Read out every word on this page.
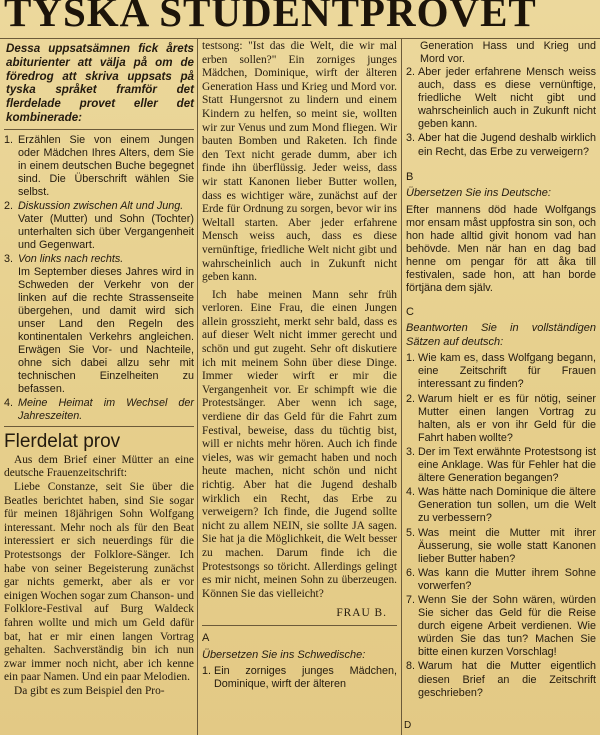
TYSKA STUDENTPROVET

Dessa uppsatsämnen fick årets abiturienter att välja på om de föredrog att skriva uppsats på tyska språket framför det flerdelade provet eller det kombinerade:

1. Erzählen Sie von einem Jungen oder Mädchen Ihres Alters, dem Sie in einem deutschen Buche begegnet sind. Die Überschrift wählen Sie selbst.
2. Diskussion zwischen Alt und Jung.
Vater (Mutter) und Sohn (Tochter) unterhalten sich über Vergangenheit und Gegenwart.
3. Von links nach rechts.
Im September dieses Jahres wird in Schweden der Verkehr von der linken auf die rechte Strassenseite übergehen, und damit wird sich unser Land den Regeln des kontinentalen Verkehrs angleichen. Erwägen Sie Vor- und Nachteile, ohne sich dabei allzu sehr mit technischen Einzelheiten zu befassen.
4. Meine Heimat im Wechsel der Jahreszeiten.
Flerdelat prov

Aus dem Brief einer Mütter an eine deutsche Frauenzeitschrift:

Liebe Constanze, seit Sie über die Beatles berichtet haben, sind Sie sogar für meinen 18jährigen Sohn Wolfgang interessant. Mehr noch als für den Beat interessiert er sich neuerdings für die Protestsongs der Folklore-Sänger. Ich habe von seiner Begeisterung zunächst gar nichts gemerkt, aber als er vor einigen Wochen sogar zum Chanson- und Folklore-Festival auf Burg Waldeck fahren wollte und mich um Geld dafür bat, hat er mir einen langen Vortrag gehalten. Sachverständig bin ich nun zwar immer noch nicht, aber ich kenne ein paar Namen. Und ein paar Melodien.

Da gibt es zum Beispiel den Pro-

testsong: "Ist das die Welt, die wir mal erben sollen?" Ein zorniges junges Mädchen, Dominique, wirft der älteren Generation Hass und Krieg und Mord vor. Statt Hungersnot zu lindern und einem Kindern zu helfen, so meint sie, wollten wir zur Venus und zum Mond fliegen. Wir bauten Bomben und Raketen. Ich finde den Text nicht gerade dumm, aber ich finde ihn überflüssig. Jeder weiss, dass wir statt Kanonen lieber Butter wollen, dass es wichtiger wäre, zunächst auf der Erde für Ordnung zu sorgen, bevor wir ins Weltall starten. Aber jeder erfahrene Mensch weiss auch, dass es diese vernünftige, friedliche Welt nicht gibt und wahrscheinlich auch in Zukunft nicht geben kann.

Ich habe meinen Mann sehr früh verloren. Eine Frau, die einen Jungen allein grosszieht, merkt sehr bald, dass es auf dieser Welt nicht immer gerecht und schön und gut zugeht. Sehr oft diskutiere ich mit meinem Sohn über diese Dinge. Immer wieder wirft er mir die Vergangenheit vor. Er schimpft wie die Protestsänger. Aber wenn ich sage, verdiene dir das Geld für die Fahrt zum Festival, beweise, dass du tüchtig bist, will er nichts mehr hören. Auch ich finde vieles, was wir gemacht haben und noch heute machen, nicht schön und nicht richtig. Aber hat die Jugend deshalb wirklich ein Recht, das Erbe zu verweigern? Ich finde, die Jugend sollte nicht zu allem NEIN, sie sollte JA sagen. Sie hat ja die Möglichkeit, die Welt besser zu machen. Darum finde ich die Protestsongs so töricht. Allerdings gelingt es mir nicht, meinen Sohn zu überzeugen. Können Sie das vielleicht?

FRAU B.
A
Übersetzen Sie ins Schwedische:
1. Ein zorniges junges Mädchen, Dominique, wirft der älteren

Generation Hass und Krieg und Mord vor.

2. Aber jeder erfahrene Mensch weiss auch, dass es diese vernünftige, friedliche Welt nicht gibt und wahrscheinlich auch in Zukunft nicht geben kann.
3. Aber hat die Jugend deshalb wirklich ein Recht, das Erbe zu verweigern?
B
Übersetzen Sie ins Deutsche:

Efter mannens död hade Wolfgangs mor ensam måst uppfostra sin son, och hon hade alltid givit honom vad han behövde. Men när han en dag bad henne om pengar för att åka till festivalen, sade hon, att han borde förtjäna dem själv.

C
Beantworten Sie in vollständigen Sätzen auf deutsch:
1. Wie kam es, dass Wolfgang begann, eine Zeitschrift für Frauen interessant zu finden?
2. Warum hielt er es für nötig, seiner Mutter einen langen Vortrag zu halten, als er von ihr Geld für die Fahrt haben wollte?
3. Der im Text erwähnte Protestsong ist eine Anklage. Was für Fehler hat die ältere Generation begangen?
4. Was hätte nach Dominique die ältere Generation tun sollen, um die Welt zu verbessern?
5. Was meint die Mutter mit ihrer Äusserung, sie wolle statt Kanonen lieber Butter haben?
6. Was kann die Mutter ihrem Sohne vorwerfen?
7. Wenn Sie der Sohn wären, würden Sie sicher das Geld für die Reise durch eigene Arbeit verdienen. Wie würden Sie das tun? Machen Sie bitte einen kurzen Vorschlag!
8. Warum hat die Mutter eigentlich diesen Brief an die Zeitschrift geschrieben?
D
